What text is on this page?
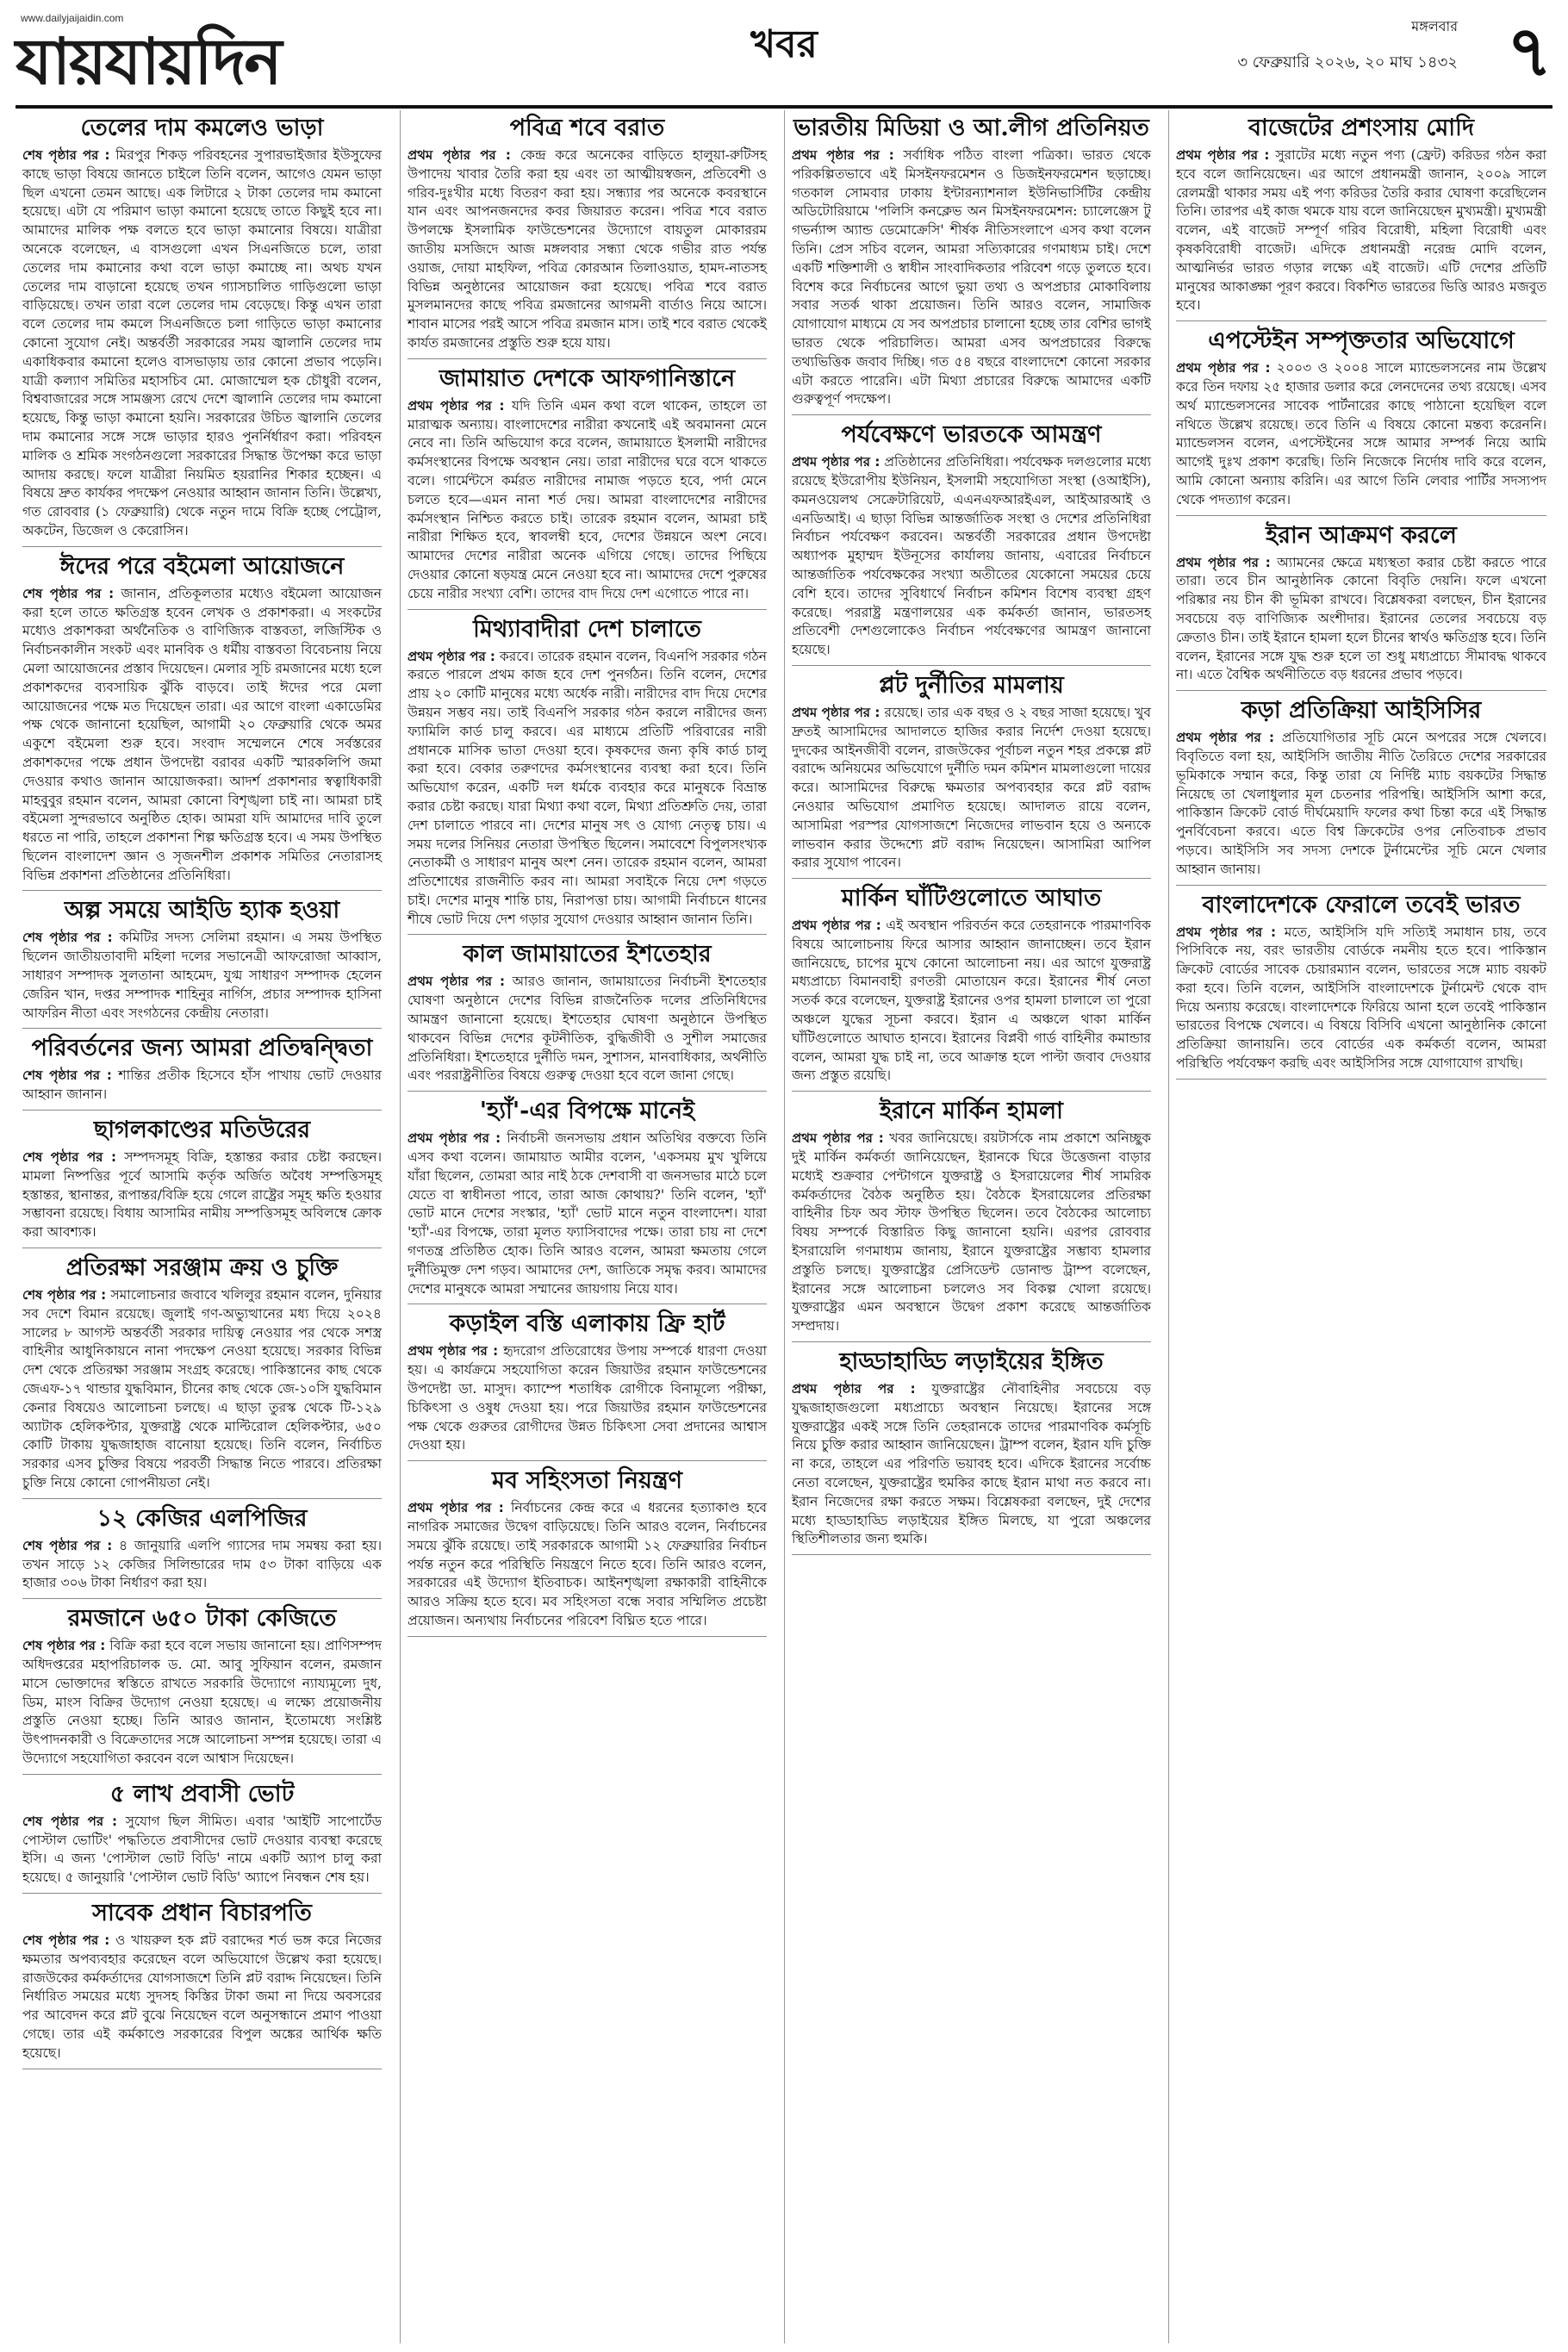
www.dailyjaijaidin.com
যায়যায়দিন	খবর	মঙ্গলবার
৩ ফেব্রুয়ারি ২০২৬, ২০ মাঘ ১৪৩২ ৭
তেলের দাম কমলেও ভাড়া

শেষ পৃষ্ঠার পর : মিরপুর শিকড় পরিবহনের সুপারভাইজার ইউসুফের কাছে ভাড়া বিষয়ে জানতে চাইলে তিনি বলেন, আগেও যেমন ভাড়া ছিল এখনো তেমন আছে। এক লিটারে ২ টাকা তেলের দাম কমানো হয়েছে। এটা যে পরিমাণ ভাড়া কমানো হয়েছে তাতে কিছুই হবে না। আমাদের মালিক পক্ষ বলতে হবে ভাড়া কমানোর বিষয়ে। যাত্রীরা অনেকে বলেছেন, এ বাসগুলো এখন সিএনজিতে চলে, তারা তেলের দাম কমানোর কথা বলে ভাড়া কমাচ্ছে না। অথচ যখন তেলের দাম বাড়ানো হয়েছে তখন গ্যাসচালিত গাড়িগুলো ভাড়া বাড়িয়েছে। তখন তারা বলে তেলের দাম বেড়েছে। কিন্তু এখন তারা বলে তেলের দাম কমলে সিএনজিতে চলা গাড়িতে ভাড়া কমানোর কোনো সুযোগ নেই। অন্তর্বর্তী সরকারের সময় জ্বালানি তেলের দাম একাধিকবার কমানো হলেও বাসভাড়ায় তার কোনো প্রভাব পড়েনি। যাত্রী কল্যাণ সমিতির মহাসচিব মো. মোজাম্মেল হক চৌধুরী বলেন, বিশ্ববাজারের সঙ্গে সামঞ্জস্য রেখে দেশে জ্বালানি তেলের দাম কমানো হয়েছে, কিন্তু ভাড়া কমানো হয়নি। সরকারের উচিত জ্বালানি তেলের দাম কমানোর সঙ্গে সঙ্গে ভাড়ার হারও পুনর্নির্ধারণ করা। পরিবহন মালিক ও শ্রমিক সংগঠনগুলো সরকারের সিদ্ধান্ত উপেক্ষা করে ভাড়া আদায় করছে। ফলে যাত্রীরা নিয়মিত হয়রানির শিকার হচ্ছেন। এ বিষয়ে দ্রুত কার্যকর পদক্ষেপ নেওয়ার আহ্বান জানান তিনি। উল্লেখ্য, গত রোববার (১ ফেব্রুয়ারি) থেকে নতুন দামে বিক্রি হচ্ছে পেট্রোল, অকটেন, ডিজেল ও কেরোসিন।

ঈদের পরে বইমেলা আয়োজনে

শেষ পৃষ্ঠার পর : জানান, প্রতিকূলতার মধ্যেও বইমেলা আয়োজন করা হলে তাতে ক্ষতিগ্রস্ত হবেন লেখক ও প্রকাশকরা। এ সংকটের মধ্যেও প্রকাশকরা অর্থনৈতিক ও বাণিজ্যিক বাস্তবতা, লজিস্টিক ও নির্বাচনকালীন সংকট এবং মানবিক ও ধর্মীয় বাস্তবতা বিবেচনায় নিয়ে মেলা আয়োজনের প্রস্তাব দিয়েছেন। মেলার সূচি রমজানের মধ্যে হলে প্রকাশকদের ব্যবসায়িক ঝুঁকি বাড়বে। তাই ঈদের পরে মেলা আয়োজনের পক্ষে মত দিয়েছেন তারা। এর আগে বাংলা একাডেমির পক্ষ থেকে জানানো হয়েছিল, আগামী ২০ ফেব্রুয়ারি থেকে অমর একুশে বইমেলা শুরু হবে। সংবাদ সম্মেলনে শেষে সর্বস্তরের প্রকাশকদের পক্ষে প্রধান উপদেষ্টা বরাবর একটি স্মারকলিপি জমা দেওয়ার কথাও জানান আয়োজকরা। আদর্শ প্রকাশনার স্বত্বাধিকারী মাহবুবুর রহমান বলেন, আমরা কোনো বিশৃঙ্খলা চাই না। আমরা চাই বইমেলা সুন্দরভাবে অনুষ্ঠিত হোক। আমরা যদি আমাদের দাবি তুলে ধরতে না পারি, তাহলে প্রকাশনা শিল্প ক্ষতিগ্রস্ত হবে। এ সময় উপস্থিত ছিলেন বাংলাদেশ জ্ঞান ও সৃজনশীল প্রকাশক সমিতির নেতারাসহ বিভিন্ন প্রকাশনা প্রতিষ্ঠানের প্রতিনিধিরা।

অল্প সময়ে আইডি হ্যাক হওয়া

শেষ পৃষ্ঠার পর : কমিটির সদস্য সেলিমা রহমান। এ সময় উপস্থিত ছিলেন জাতীয়তাবাদী মহিলা দলের সভানেত্রী আফরোজা আব্বাস, সাধারণ সম্পাদক সুলতানা আহমেদ, যুগ্ম সাধারণ সম্পাদক হেলেন জেরিন খান, দপ্তর সম্পাদক শাহিনুর নার্গিস, প্রচার সম্পাদক হাসিনা আফরিন নীতা এবং সংগঠনের কেন্দ্রীয় নেতারা।

পরিবর্তনের জন্য আমরা প্রতিদ্বন্দ্বিতা

শেষ পৃষ্ঠার পর : শান্তির প্রতীক হিসেবে হাঁস পাখায় ভোট দেওয়ার আহ্বান জানান।

ছাগলকাণ্ডের মতিউরের

শেষ পৃষ্ঠার পর : সম্পদসমূহ বিক্রি, হস্তান্তর করার চেষ্টা করছেন। মামলা নিষ্পত্তির পূর্বে আসামি কর্তৃক অর্জিত অবৈধ সম্পত্তিসমূহ হস্তান্তর, স্থানান্তর, রূপান্তর/বিক্রি হয়ে গেলে রাষ্ট্রের সমূহ ক্ষতি হওয়ার সম্ভাবনা রয়েছে। বিধায় আসামির নামীয় সম্পত্তিসমূহ অবিলম্বে ক্রোক করা আবশ্যক।

প্রতিরক্ষা সরঞ্জাম ক্রয় ও চুক্তি

শেষ পৃষ্ঠার পর : সমালোচনার জবাবে খলিলুর রহমান বলেন, দুনিয়ার সব দেশে বিমান রয়েছে। জুলাই গণ-অভ্যুত্থানের মধ্য দিয়ে ২০২৪ সালের ৮ আগস্ট অন্তর্বর্তী সরকার দায়িত্ব নেওয়ার পর থেকে সশস্ত্র বাহিনীর আধুনিকায়নে নানা পদক্ষেপ নেওয়া হয়েছে। সরকার বিভিন্ন দেশ থেকে প্রতিরক্ষা সরঞ্জাম সংগ্রহ করেছে। পাকিস্তানের কাছ থেকে জেএফ-১৭ থান্ডার যুদ্ধবিমান, চীনের কাছ থেকে জে-১০সি যুদ্ধবিমান কেনার বিষয়েও আলোচনা চলছে। এ ছাড়া তুরস্ক থেকে টি-১২৯ অ্যাটাক হেলিকপ্টার, যুক্তরাষ্ট্র থেকে মাল্টিরোল হেলিকপ্টার, ৬৫০ কোটি টাকায় যুদ্ধজাহাজ বানোয়া হয়েছে। তিনি বলেন, নির্বাচিত সরকার এসব চুক্তির বিষয়ে পরবর্তী সিদ্ধান্ত নিতে পারবে। প্রতিরক্ষা চুক্তি নিয়ে কোনো গোপনীয়তা নেই।

১২ কেজির এলপিজির

শেষ পৃষ্ঠার পর : ৪ জানুয়ারি এলপি গ্যাসের দাম সমন্বয় করা হয়। তখন সাড়ে ১২ কেজির সিলিন্ডারের দাম ৫৩ টাকা বাড়িয়ে এক হাজার ৩০৬ টাকা নির্ধারণ করা হয়।

রমজানে ৬৫০ টাকা কেজিতে

শেষ পৃষ্ঠার পর : বিক্রি করা হবে বলে সভায় জানানো হয়। প্রাণিসম্পদ অধিদপ্তরের মহাপরিচালক ড. মো. আবু সুফিয়ান বলেন, রমজান মাসে ভোক্তাদের স্বস্তিতে রাখতে সরকারি উদ্যোগে ন্যায্যমূল্যে দুধ, ডিম, মাংস বিক্রির উদ্যোগ নেওয়া হয়েছে। এ লক্ষ্যে প্রয়োজনীয় প্রস্তুতি নেওয়া হচ্ছে। তিনি আরও জানান, ইতোমধ্যে সংশ্লিষ্ট উৎপাদনকারী ও বিক্রেতাদের সঙ্গে আলোচনা সম্পন্ন হয়েছে। তারা এ উদ্যোগে সহযোগিতা করবেন বলে আশ্বাস দিয়েছেন।

৫ লাখ প্রবাসী ভোট

শেষ পৃষ্ঠার পর : সুযোগ ছিল সীমিত। এবার 'আইটি সাপোর্টেড পোস্টাল ভোটিং' পদ্ধতিতে প্রবাসীদের ভোট দেওয়ার ব্যবস্থা করেছে ইসি। এ জন্য 'পোস্টাল ভোট বিডি' নামে একটি অ্যাপ চালু করা হয়েছে। ৫ জানুয়ারি 'পোস্টাল ভোট বিডি' অ্যাপে নিবন্ধন শেষ হয়।

সাবেক প্রধান বিচারপতি

শেষ পৃষ্ঠার পর : ও খায়রুল হক প্লট বরাদ্দের শর্ত ভঙ্গ করে নিজের ক্ষমতার অপব্যবহার করেছেন বলে অভিযোগে উল্লেখ করা হয়েছে। রাজউকের কর্মকর্তাদের যোগসাজশে তিনি প্লট বরাদ্দ নিয়েছেন। তিনি নির্ধারিত সময়ের মধ্যে সুদসহ কিস্তির টাকা জমা না দিয়ে অবসরের পর আবেদন করে প্লট বুঝে নিয়েছেন বলে অনুসন্ধানে প্রমাণ পাওয়া গেছে। তার এই কর্মকাণ্ডে সরকারের বিপুল অঙ্কের আর্থিক ক্ষতি হয়েছে।

পবিত্র শবে বরাত

প্রথম পৃষ্ঠার পর : কেন্দ্র করে অনেকের বাড়িতে হালুয়া-রুটিসহ উপাদেয় খাবার তৈরি করা হয় এবং তা আত্মীয়স্বজন, প্রতিবেশী ও গরিব-দুঃখীর মধ্যে বিতরণ করা হয়। সন্ধ্যার পর অনেকে কবরস্থানে যান এবং আপনজনদের কবর জিয়ারত করেন। পবিত্র শবে বরাত উপলক্ষে ইসলামিক ফাউন্ডেশনের উদ্যোগে বায়তুল মোকাররম জাতীয় মসজিদে আজ মঙ্গলবার সন্ধ্যা থেকে গভীর রাত পর্যন্ত ওয়াজ, দোয়া মাহফিল, পবিত্র কোরআন তিলাওয়াত, হামদ-নাতসহ বিভিন্ন অনুষ্ঠানের আয়োজন করা হয়েছে। পবিত্র শবে বরাত মুসলমানদের কাছে পবিত্র রমজানের আগমনী বার্তাও নিয়ে আসে। শাবান মাসের পরই আসে পবিত্র রমজান মাস। তাই শবে বরাত থেকেই কার্যত রমজানের প্রস্তুতি শুরু হয়ে যায়।

জামায়াত দেশকে আফগানিস্তানে

প্রথম পৃষ্ঠার পর : যদি তিনি এমন কথা বলে থাকেন, তাহলে তা মারাত্মক অন্যায়। বাংলাদেশের নারীরা কখনোই এই অবমাননা মেনে নেবে না। তিনি অভিযোগ করে বলেন, জামায়াতে ইসলামী নারীদের কর্মসংস্থানের বিপক্ষে অবস্থান নেয়। তারা নারীদের ঘরে বসে থাকতে বলে। গার্মেন্টসে কর্মরত নারীদের নামাজ পড়তে হবে, পর্দা মেনে চলতে হবে—এমন নানা শর্ত দেয়। আমরা বাংলাদেশের নারীদের কর্মসংস্থান নিশ্চিত করতে চাই। তারেক রহমান বলেন, আমরা চাই নারীরা শিক্ষিত হবে, স্বাবলম্বী হবে, দেশের উন্নয়নে অংশ নেবে। আমাদের দেশের নারীরা অনেক এগিয়ে গেছে। তাদের পিছিয়ে দেওয়ার কোনো ষড়যন্ত্র মেনে নেওয়া হবে না। আমাদের দেশে পুরুষের চেয়ে নারীর সংখ্যা বেশি। তাদের বাদ দিয়ে দেশ এগোতে পারে না।

মিথ্যাবাদীরা দেশ চালাতে

প্রথম পৃষ্ঠার পর : করবে। তারেক রহমান বলেন, বিএনপি সরকার গঠন করতে পারলে প্রথম কাজ হবে দেশ পুনর্গঠন। তিনি বলেন, দেশের প্রায় ২০ কোটি মানুষের মধ্যে অর্ধেক নারী। নারীদের বাদ দিয়ে দেশের উন্নয়ন সম্ভব নয়। তাই বিএনপি সরকার গঠন করলে নারীদের জন্য ফ্যামিলি কার্ড চালু করবে। এর মাধ্যমে প্রতিটি পরিবারের নারী প্রধানকে মাসিক ভাতা দেওয়া হবে। কৃষকদের জন্য কৃষি কার্ড চালু করা হবে। বেকার তরুণদের কর্মসংস্থানের ব্যবস্থা করা হবে। তিনি অভিযোগ করেন, একটি দল ধর্মকে ব্যবহার করে মানুষকে বিভ্রান্ত করার চেষ্টা করছে। যারা মিথ্যা কথা বলে, মিথ্যা প্রতিশ্রুতি দেয়, তারা দেশ চালাতে পারবে না। দেশের মানুষ সৎ ও যোগ্য নেতৃত্ব চায়। এ সময় দলের সিনিয়র নেতারা উপস্থিত ছিলেন। সমাবেশে বিপুলসংখ্যক নেতাকর্মী ও সাধারণ মানুষ অংশ নেন। তারেক রহমান বলেন, আমরা প্রতিশোধের রাজনীতি করব না। আমরা সবাইকে নিয়ে দেশ গড়তে চাই। দেশের মানুষ শান্তি চায়, নিরাপত্তা চায়। আগামী নির্বাচনে ধানের শীষে ভোট দিয়ে দেশ গড়ার সুযোগ দেওয়ার আহ্বান জানান তিনি।

কাল জামায়াতের ইশতেহার

প্রথম পৃষ্ঠার পর : আরও জানান, জামায়াতের নির্বাচনী ইশতেহার ঘোষণা অনুষ্ঠানে দেশের বিভিন্ন রাজনৈতিক দলের প্রতিনিধিদের আমন্ত্রণ জানানো হয়েছে। ইশতেহার ঘোষণা অনুষ্ঠানে উপস্থিত থাকবেন বিভিন্ন দেশের কূটনীতিক, বুদ্ধিজীবী ও সুশীল সমাজের প্রতিনিধিরা। ইশতেহারে দুর্নীতি দমন, সুশাসন, মানবাধিকার, অর্থনীতি এবং পররাষ্ট্রনীতির বিষয়ে গুরুত্ব দেওয়া হবে বলে জানা গেছে।

'হ্যাঁ'-এর বিপক্ষে মানেই

প্রথম পৃষ্ঠার পর : নির্বাচনী জনসভায় প্রধান অতিথির বক্তব্যে তিনি এসব কথা বলেন। জামায়াত আমীর বলেন, 'একসময় মুখ খুলিয়ে যাঁরা ছিলেন, তোমরা আর নাই ঠকে দেশবাসী বা জনসভার মাঠে চলে যেতে বা স্বাধীনতা পাবে, তারা আজ কোথায়?' তিনি বলেন, 'হ্যাঁ' ভোট মানে দেশের সংস্কার, 'হ্যাঁ' ভোট মানে নতুন বাংলাদেশ। যারা 'হ্যাঁ'-এর বিপক্ষে, তারা মূলত ফ্যাসিবাদের পক্ষে। তারা চায় না দেশে গণতন্ত্র প্রতিষ্ঠিত হোক। তিনি আরও বলেন, আমরা ক্ষমতায় গেলে দুর্নীতিমুক্ত দেশ গড়ব। আমাদের দেশ, জাতিকে সমৃদ্ধ করব। আমাদের দেশের মানুষকে আমরা সম্মানের জায়গায় নিয়ে যাব।

কড়াইল বস্তি এলাকায় ফ্রি হার্ট

প্রথম পৃষ্ঠার পর : হৃদরোগ প্রতিরোধের উপায় সম্পর্কে ধারণা দেওয়া হয়। এ কার্যক্রমে সহযোগিতা করেন জিয়াউর রহমান ফাউন্ডেশনের উপদেষ্টা ডা. মাসুদ। ক্যাম্পে শতাধিক রোগীকে বিনামূল্যে পরীক্ষা, চিকিৎসা ও ওষুধ দেওয়া হয়। পরে জিয়াউর রহমান ফাউন্ডেশনের পক্ষ থেকে গুরুতর রোগীদের উন্নত চিকিৎসা সেবা প্রদানের আশ্বাস দেওয়া হয়।

মব সহিংসতা নিয়ন্ত্রণ

প্রথম পৃষ্ঠার পর : নির্বাচনের কেন্দ্র করে এ ধরনের হত্যাকাণ্ড হবে নাগরিক সমাজের উদ্বেগ বাড়িয়েছে। তিনি আরও বলেন, নির্বাচনের সময়ে ঝুঁকি রয়েছে। তাই সরকারকে আগামী ১২ ফেব্রুয়ারির নির্বাচন পর্যন্ত নতুন করে পরিস্থিতি নিয়ন্ত্রণে নিতে হবে। তিনি আরও বলেন, সরকারের এই উদ্যোগ ইতিবাচক। আইনশৃঙ্খলা রক্ষাকারী বাহিনীকে আরও সক্রিয় হতে হবে। মব সহিংসতা বন্ধে সবার সম্মিলিত প্রচেষ্টা প্রয়োজন। অন্যথায় নির্বাচনের পরিবেশ বিঘ্নিত হতে পারে।

ভারতীয় মিডিয়া ও আ.লীগ প্রতিনিয়ত

প্রথম পৃষ্ঠার পর : সর্বাধিক পঠিত বাংলা পত্রিকা। ভারত থেকে পরিকল্পিতভাবে এই মিসইনফরমেশন ও ডিজইনফরমেশন ছড়াচ্ছে। গতকাল সোমবার ঢাকায় ইন্টারন্যাশনাল ইউনিভার্সিটির কেন্দ্রীয় অডিটোরিয়ামে 'পলিসি কনক্লেভ অন মিসইনফরমেশন: চ্যালেঞ্জেস টু গভর্ন্যান্স অ্যান্ড ডেমোক্রেসি' শীর্ষক নীতিসংলাপে এসব কথা বলেন তিনি। প্রেস সচিব বলেন, আমরা সত্যিকারের গণমাধ্যম চাই। দেশে একটি শক্তিশালী ও স্বাধীন সাংবাদিকতার পরিবেশ গড়ে তুলতে হবে। বিশেষ করে নির্বাচনের আগে ভুয়া তথ্য ও অপপ্রচার মোকাবিলায় সবার সতর্ক থাকা প্রয়োজন। তিনি আরও বলেন, সামাজিক যোগাযোগ মাধ্যমে যে সব অপপ্রচার চালানো হচ্ছে তার বেশির ভাগই ভারত থেকে পরিচালিত। আমরা এসব অপপ্রচারের বিরুদ্ধে তথ্যভিত্তিক জবাব দিচ্ছি। গত ৫৪ বছরে বাংলাদেশে কোনো সরকার এটা করতে পারেনি। এটা মিথ্যা প্রচারের বিরুদ্ধে আমাদের একটি গুরুত্বপূর্ণ পদক্ষেপ।

পর্যবেক্ষণে ভারতকে আমন্ত্রণ

প্রথম পৃষ্ঠার পর : প্রতিষ্ঠানের প্রতিনিধিরা। পর্যবেক্ষক দলগুলোর মধ্যে রয়েছে ইউরোপীয় ইউনিয়ন, ইসলামী সহযোগিতা সংস্থা (ওআইসি), কমনওয়েলথ সেক্রেটারিয়েট, এএনএফআরইএল, আইআরআই ও এনডিআই। এ ছাড়া বিভিন্ন আন্তর্জাতিক সংস্থা ও দেশের প্রতিনিধিরা নির্বাচন পর্যবেক্ষণ করবেন। অন্তর্বর্তী সরকারের প্রধান উপদেষ্টা অধ্যাপক মুহাম্মদ ইউনূসের কার্যালয় জানায়, এবারের নির্বাচনে আন্তর্জাতিক পর্যবেক্ষকের সংখ্যা অতীতের যেকোনো সময়ের চেয়ে বেশি হবে। তাদের সুবিধার্থে নির্বাচন কমিশন বিশেষ ব্যবস্থা গ্রহণ করেছে। পররাষ্ট্র মন্ত্রণালয়ের এক কর্মকর্তা জানান, ভারতসহ প্রতিবেশী দেশগুলোকেও নির্বাচন পর্যবেক্ষণের আমন্ত্রণ জানানো হয়েছে।

প্লট দুর্নীতির মামলায়

প্রথম পৃষ্ঠার পর : রয়েছে। তার এক বছর ও ২ বছর সাজা হয়েছে। খুব দ্রুতই আসামিদের আদালতে হাজির করার নির্দেশ দেওয়া হয়েছে। দুদকের আইনজীবী বলেন, রাজউকের পূর্বাচল নতুন শহর প্রকল্পে প্লট বরাদ্দে অনিয়মের অভিযোগে দুর্নীতি দমন কমিশন মামলাগুলো দায়ের করে। আসামিদের বিরুদ্ধে ক্ষমতার অপব্যবহার করে প্লট বরাদ্দ নেওয়ার অভিযোগ প্রমাণিত হয়েছে। আদালত রায়ে বলেন, আসামিরা পরস্পর যোগসাজশে নিজেদের লাভবান হয়ে ও অন্যকে লাভবান করার উদ্দেশ্যে প্লট বরাদ্দ নিয়েছেন। আসামিরা আপিল করার সুযোগ পাবেন।

মার্কিন ঘাঁটিগুলোতে আঘাত

প্রথম পৃষ্ঠার পর : এই অবস্থান পরিবর্তন করে তেহরানকে পারমাণবিক বিষয়ে আলোচনায় ফিরে আসার আহ্বান জানাচ্ছেন। তবে ইরান জানিয়েছে, চাপের মুখে কোনো আলোচনা নয়। এর আগে যুক্তরাষ্ট্র মধ্যপ্রাচ্যে বিমানবাহী রণতরী মোতায়েন করে। ইরানের শীর্ষ নেতা সতর্ক করে বলেছেন, যুক্তরাষ্ট্র ইরানের ওপর হামলা চালালে তা পুরো অঞ্চলে যুদ্ধের সূচনা করবে। ইরান এ অঞ্চলে থাকা মার্কিন ঘাঁটিগুলোতে আঘাত হানবে। ইরানের বিপ্লবী গার্ড বাহিনীর কমান্ডার বলেন, আমরা যুদ্ধ চাই না, তবে আক্রান্ত হলে পাল্টা জবাব দেওয়ার জন্য প্রস্তুত রয়েছি।

ইরানে মার্কিন হামলা

প্রথম পৃষ্ঠার পর : খবর জানিয়েছে। রয়টার্সকে নাম প্রকাশে অনিচ্ছুক দুই মার্কিন কর্মকর্তা জানিয়েছেন, ইরানকে ঘিরে উত্তেজনা বাড়ার মধ্যেই শুক্রবার পেন্টাগনে যুক্তরাষ্ট্র ও ইসরায়েলের শীর্ষ সামরিক কর্মকর্তাদের বৈঠক অনুষ্ঠিত হয়। বৈঠকে ইসরায়েলের প্রতিরক্ষা বাহিনীর চিফ অব স্টাফ উপস্থিত ছিলেন। তবে বৈঠকের আলোচ্য বিষয় সম্পর্কে বিস্তারিত কিছু জানানো হয়নি। এরপর রোববার ইসরায়েলি গণমাধ্যম জানায়, ইরানে যুক্তরাষ্ট্রের সম্ভাব্য হামলার প্রস্তুতি চলছে। যুক্তরাষ্ট্রের প্রেসিডেন্ট ডোনাল্ড ট্রাম্প বলেছেন, ইরানের সঙ্গে আলোচনা চললেও সব বিকল্প খোলা রয়েছে। যুক্তরাষ্ট্রের এমন অবস্থানে উদ্বেগ প্রকাশ করেছে আন্তর্জাতিক সম্প্রদায়।

হাড্ডাহাড্ডি লড়াইয়ের ইঙ্গিত

প্রথম পৃষ্ঠার পর : যুক্তরাষ্ট্রের নৌবাহিনীর সবচেয়ে বড় যুদ্ধজাহাজগুলো মধ্যপ্রাচ্যে অবস্থান নিয়েছে। ইরানের সঙ্গে যুক্তরাষ্ট্রের একই সঙ্গে তিনি তেহরানকে তাদের পারমাণবিক কর্মসূচি নিয়ে চুক্তি করার আহ্বান জানিয়েছেন। ট্রাম্প বলেন, ইরান যদি চুক্তি না করে, তাহলে এর পরিণতি ভয়াবহ হবে। এদিকে ইরানের সর্বোচ্চ নেতা বলেছেন, যুক্তরাষ্ট্রের হুমকির কাছে ইরান মাথা নত করবে না। ইরান নিজেদের রক্ষা করতে সক্ষম। বিশ্লেষকরা বলছেন, দুই দেশের মধ্যে হাড্ডাহাড্ডি লড়াইয়ের ইঙ্গিত মিলছে, যা পুরো অঞ্চলের স্থিতিশীলতার জন্য হুমকি।

বাজেটের প্রশংসায় মোদি

প্রথম পৃষ্ঠার পর : সুরাটের মধ্যে নতুন পণ্য (ফ্রেট) করিডর গঠন করা হবে বলে জানিয়েছেন। এর আগে প্রধানমন্ত্রী জানান, ২০০৯ সালে রেলমন্ত্রী থাকার সময় এই পণ্য করিডর তৈরি করার ঘোষণা করেছিলেন তিনি। তারপর এই কাজ থমকে যায় বলে জানিয়েছেন মুখ্যমন্ত্রী। মুখ্যমন্ত্রী বলেন, এই বাজেট সম্পূর্ণ গরিব বিরোধী, মহিলা বিরোধী এবং কৃষকবিরোধী বাজেট। এদিকে প্রধানমন্ত্রী নরেন্দ্র মোদি বলেন, আত্মনির্ভর ভারত গড়ার লক্ষ্যে এই বাজেট। এটি দেশের প্রতিটি মানুষের আকাঙ্ক্ষা পূরণ করবে। বিকশিত ভারতের ভিত্তি আরও মজবুত হবে।

এপস্টেইন সম্পৃক্ততার অভিযোগে

প্রথম পৃষ্ঠার পর : ২০০৩ ও ২০০৪ সালে ম্যান্ডেলসনের নাম উল্লেখ করে তিন দফায় ২৫ হাজার ডলার করে লেনদেনের তথ্য রয়েছে। এসব অর্থ ম্যান্ডেলসনের সাবেক পার্টনারের কাছে পাঠানো হয়েছিল বলে নথিতে উল্লেখ রয়েছে। তবে তিনি এ বিষয়ে কোনো মন্তব্য করেননি। ম্যান্ডেলসন বলেন, এপস্টেইনের সঙ্গে আমার সম্পর্ক নিয়ে আমি আগেই দুঃখ প্রকাশ করেছি। তিনি নিজেকে নির্দোষ দাবি করে বলেন, আমি কোনো অন্যায় করিনি। এর আগে তিনি লেবার পার্টির সদস্যপদ থেকে পদত্যাগ করেন।

ইরান আক্রমণ করলে

প্রথম পৃষ্ঠার পর : অ্যামনের ক্ষেত্রে মধ্যস্থতা করার চেষ্টা করতে পারে তারা। তবে চীন আনুষ্ঠানিক কোনো বিবৃতি দেয়নি। ফলে এখনো পরিষ্কার নয় চীন কী ভূমিকা রাখবে। বিশ্লেষকরা বলছেন, চীন ইরানের সবচেয়ে বড় বাণিজ্যিক অংশীদার। ইরানের তেলের সবচেয়ে বড় ক্রেতাও চীন। তাই ইরানে হামলা হলে চীনের স্বার্থও ক্ষতিগ্রস্ত হবে। তিনি বলেন, ইরানের সঙ্গে যুদ্ধ শুরু হলে তা শুধু মধ্যপ্রাচ্যে সীমাবদ্ধ থাকবে না। এতে বৈশ্বিক অর্থনীতিতে বড় ধরনের প্রভাব পড়বে।

কড়া প্রতিক্রিয়া আইসিসির

প্রথম পৃষ্ঠার পর : প্রতিযোগিতার সূচি মেনে অপরের সঙ্গে খেলবে। বিবৃতিতে বলা হয়, আইসিসি জাতীয় নীতি তৈরিতে দেশের সরকারের ভূমিকাকে সম্মান করে, কিন্তু তারা যে নির্দিষ্ট ম্যাচ বয়কটের সিদ্ধান্ত নিয়েছে তা খেলাধুলার মূল চেতনার পরিপন্থি। আইসিসি আশা করে, পাকিস্তান ক্রিকেট বোর্ড দীর্ঘমেয়াদি ফলের কথা চিন্তা করে এই সিদ্ধান্ত পুনর্বিবেচনা করবে। এতে বিশ্ব ক্রিকেটের ওপর নেতিবাচক প্রভাব পড়বে। আইসিসি সব সদস্য দেশকে টুর্নামেন্টের সূচি মেনে খেলার আহ্বান জানায়।

বাংলাদেশকে ফেরালে তবেই ভারত

প্রথম পৃষ্ঠার পর : মতে, আইসিসি যদি সত্যিই সমাধান চায়, তবে পিসিবিকে নয়, বরং ভারতীয় বোর্ডকে নমনীয় হতে হবে। পাকিস্তান ক্রিকেট বোর্ডের সাবেক চেয়ারম্যান বলেন, ভারতের সঙ্গে ম্যাচ বয়কট করা হবে। তিনি বলেন, আইসিসি বাংলাদেশকে টুর্নামেন্ট থেকে বাদ দিয়ে অন্যায় করেছে। বাংলাদেশকে ফিরিয়ে আনা হলে তবেই পাকিস্তান ভারতের বিপক্ষে খেলবে। এ বিষয়ে বিসিবি এখনো আনুষ্ঠানিক কোনো প্রতিক্রিয়া জানায়নি। তবে বোর্ডের এক কর্মকর্তা বলেন, আমরা পরিস্থিতি পর্যবেক্ষণ করছি এবং আইসিসির সঙ্গে যোগাযোগ রাখছি।
